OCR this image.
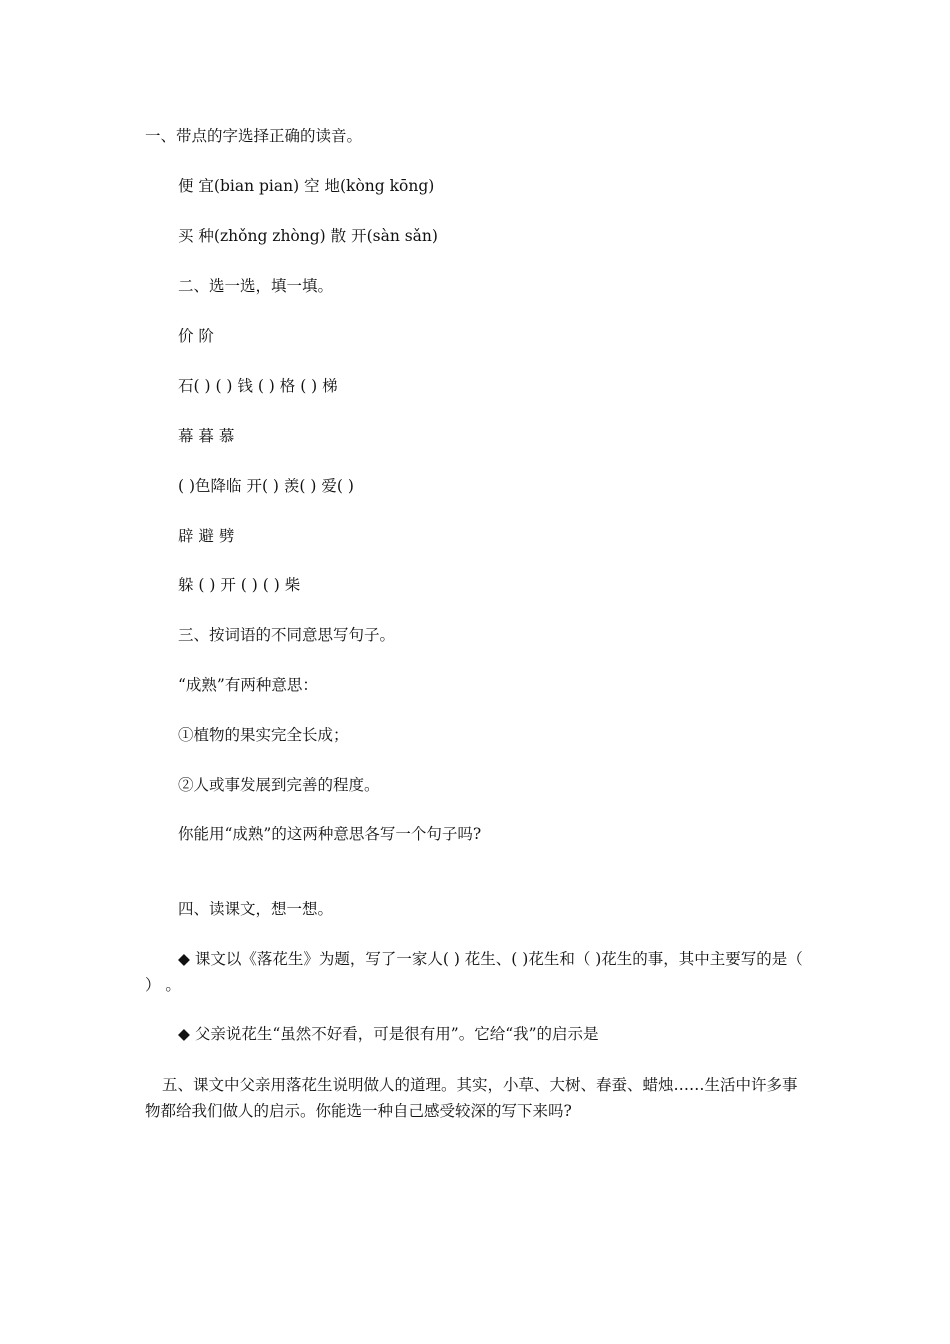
一、带点的字选择正确的读音。
便 宜(bian pian) 空 地(kòng kōng)
买 种(zhǒng zhòng) 散 开(sàn sǎn)
二、选一选，填一填。
价 阶
石( ) ( ) 钱 ( ) 格 ( ) 梯
幕 暮 慕
( )色降临 开( ) 羡( ) 爱( )
辟 避 劈
躲 ( ) 开 ( ) ( ) 柴
三、按词语的不同意思写句子。
“成熟”有两种意思：
①植物的果实完全长成；
②人或事发展到完善的程度。
你能用“成熟”的这两种意思各写一个句子吗?
四、读课文，想一想。
◆ 课文以《落花生》为题，写了一家人( ) 花生、( )花生和（ )花生的事，其中主要写的是（ ） 。
◆ 父亲说花生“虽然不好看，可是很有用”。它给“我”的启示是
五、课文中父亲用落花生说明做人的道理。其实，小草、大树、春蚕、蜡烛……生活中许多事物都给我们做人的启示。你能选一种自己感受较深的写下来吗?
